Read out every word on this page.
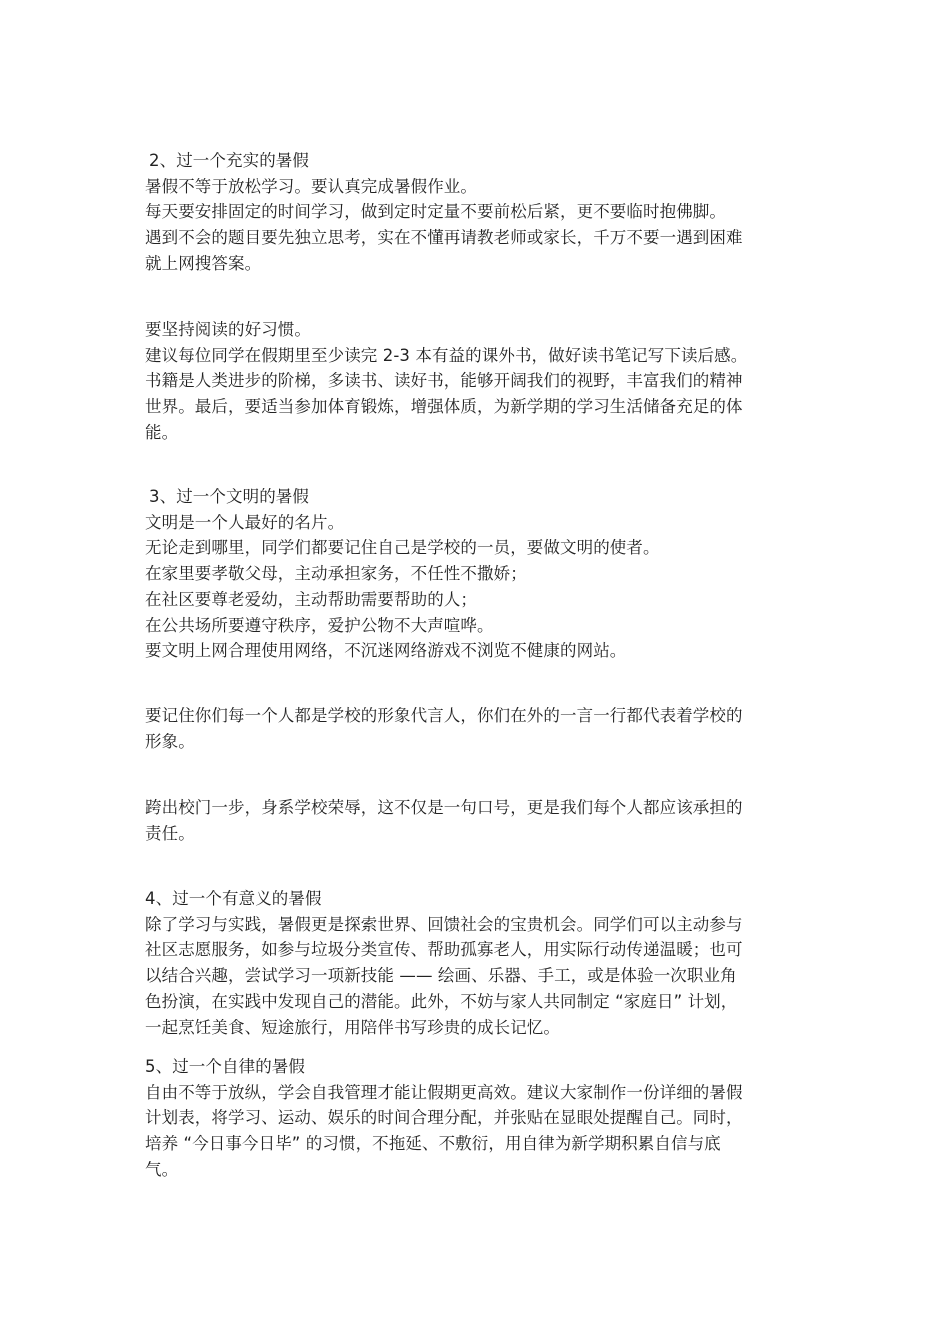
2、过一个充实的暑假
暑假不等于放松学习。要认真完成暑假作业。
每天要安排固定的时间学习，做到定时定量不要前松后紧，更不要临时抱佛脚。
遇到不会的题目要先独立思考，实在不懂再请教老师或家长，千万不要一遇到困难
就上网搜答案。
要坚持阅读的好习惯。
建议每位同学在假期里至少读完 2-3 本有益的课外书，做好读书笔记写下读后感。
书籍是人类进步的阶梯，多读书、读好书，能够开阔我们的视野，丰富我们的精神
世界。最后，要适当参加体育锻炼，增强体质，为新学期的学习生活储备充足的体
能。
3、过一个文明的暑假
文明是一个人最好的名片。
无论走到哪里，同学们都要记住自己是学校的一员，要做文明的使者。
在家里要孝敬父母，主动承担家务，不任性不撒娇；
在社区要尊老爱幼，主动帮助需要帮助的人；
在公共场所要遵守秩序，爱护公物不大声喧哗。
要文明上网合理使用网络，不沉迷网络游戏不浏览不健康的网站。
要记住你们每一个人都是学校的形象代言人，你们在外的一言一行都代表着学校的
形象。
跨出校门一步，身系学校荣辱，这不仅是一句口号，更是我们每个人都应该承担的
责任。
4、过一个有意义的暑假
除了学习与实践，暑假更是探索世界、回馈社会的宝贵机会。同学们可以主动参与
社区志愿服务，如参与垃圾分类宣传、帮助孤寡老人，用实际行动传递温暖；也可
以结合兴趣，尝试学习一项新技能 —— 绘画、乐器、手工，或是体验一次职业角
色扮演，在实践中发现自己的潜能。此外，不妨与家人共同制定 “家庭日” 计划，
一起烹饪美食、短途旅行，用陪伴书写珍贵的成长记忆。
5、过一个自律的暑假
自由不等于放纵，学会自我管理才能让假期更高效。建议大家制作一份详细的暑假
计划表，将学习、运动、娱乐的时间合理分配，并张贴在显眼处提醒自己。同时，
培养 “今日事今日毕” 的习惯，不拖延、不敷衍，用自律为新学期积累自信与底
气。
